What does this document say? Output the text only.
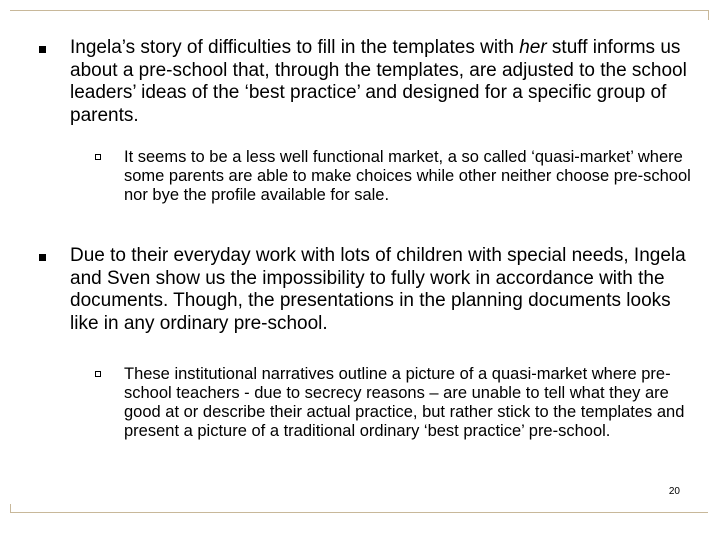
Ingela’s story of difficulties to fill in the templates with her stuff informs us about a pre-school that, through the templates, are adjusted to the school leaders’ ideas of the ‘best practice’ and designed for a specific group of parents.
It seems to be a less well functional market, a so called ‘quasi-market’ where some parents are able to make choices while other neither choose pre-school nor bye the profile available for sale.
Due to their everyday work with lots of children with special needs, Ingela and Sven show us the impossibility to fully work in accordance with the documents. Though, the presentations in the planning documents looks like in any ordinary pre-school.
These institutional narratives outline a picture of a quasi-market where pre-school teachers - due to secrecy reasons – are unable to tell what they are good at or describe their actual practice, but rather stick to the templates and present a picture of a traditional ordinary ‘best practice’ pre-school.
20
